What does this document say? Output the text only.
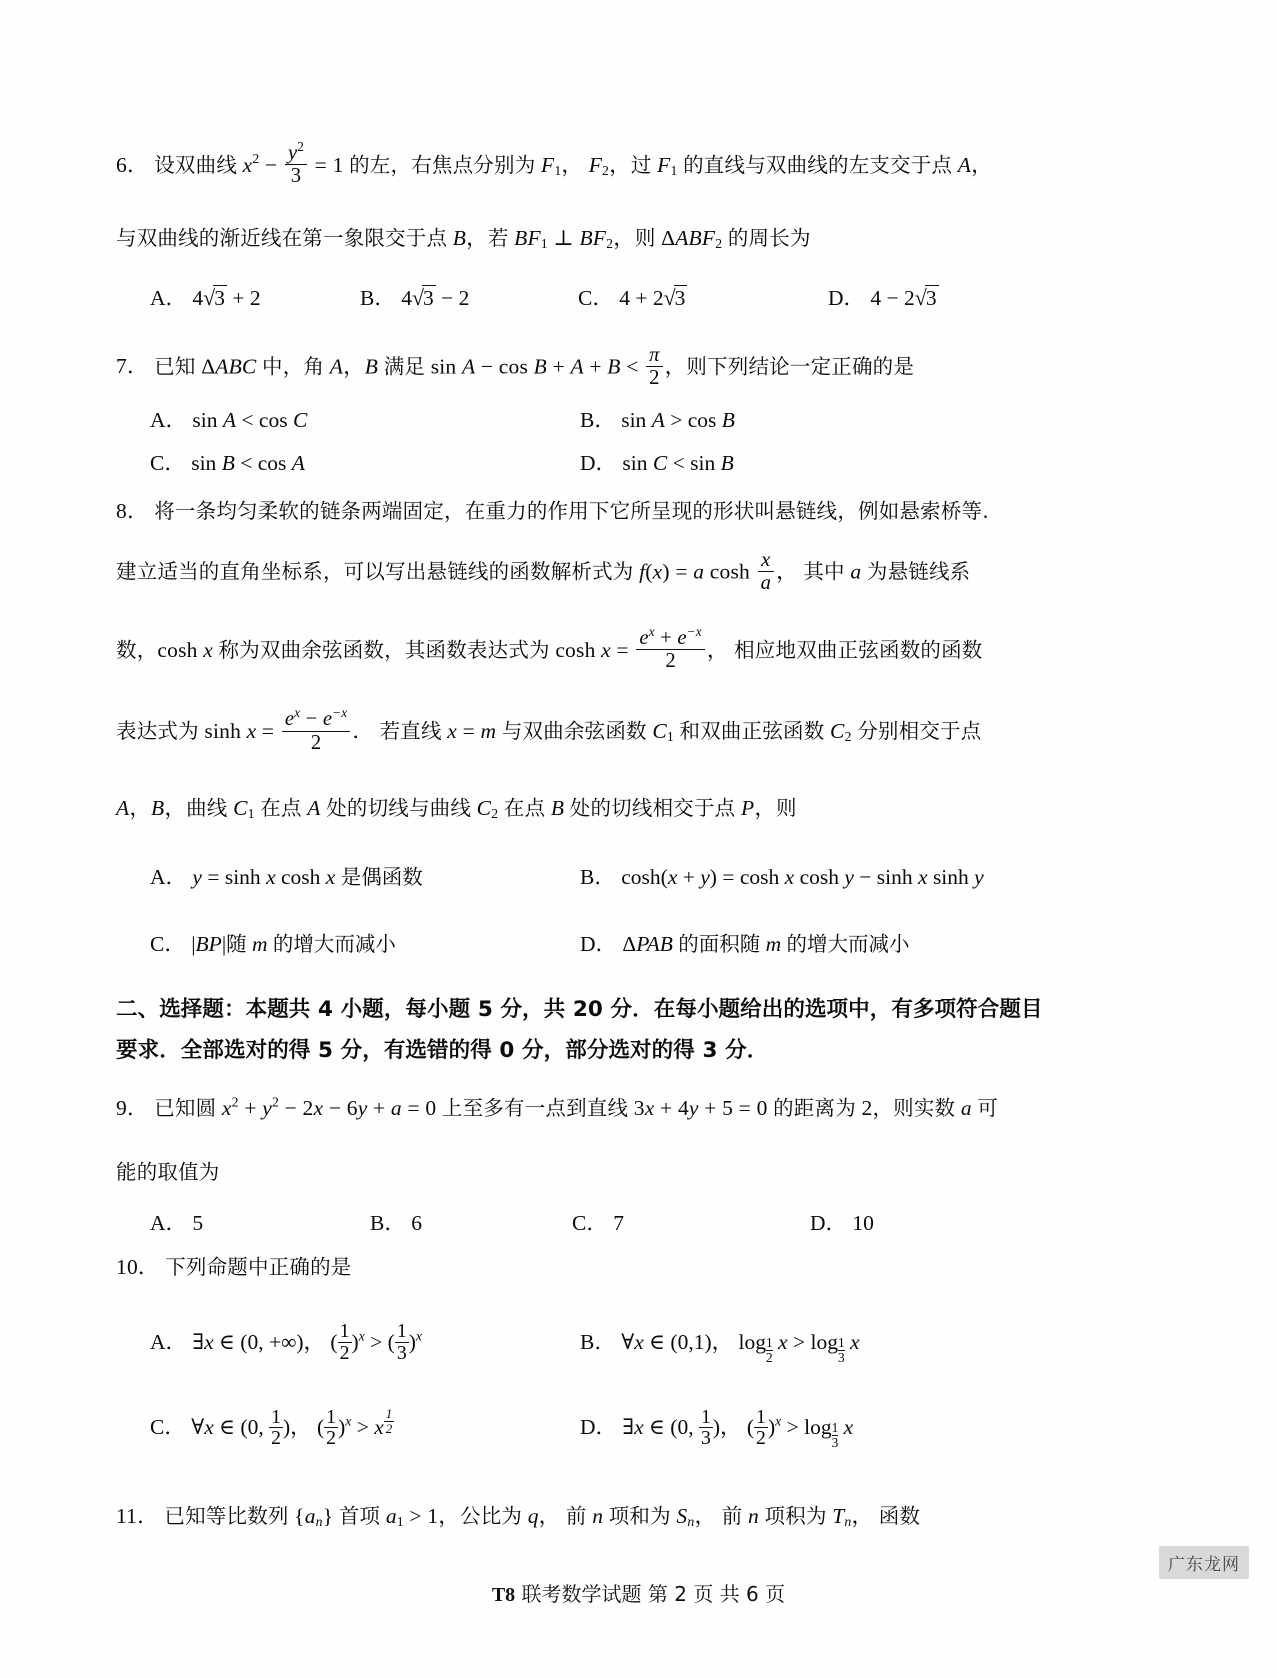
6． 设双曲线 $x^2 - \frac{y^2}{3} = 1$ 的左，右焦点分别为 $F_1$， $F_2$，过 $F_1$ 的直线与双曲线的左支交于点 A，
与双曲线的渐近线在第一象限交于点 B，若 $BF_1$ ⊥ $BF_2$，则 $\Delta ABF_2$ 的周长为
A． 4√3 + 2	B． 4√3 − 2	C． 4 + 2√3	D． 4 − 2√3
7． 已知 ΔABC 中，角 A，B 满足 $\sin A - \cos B + A + B < \frac{\pi}{2}$ ，则下列结论一定正确的是
A． sin A < cos C	B． sin A > cos B
C． sin B < cos A	D． sin C < sin B
8． 将一条均匀柔软的链条两端固定，在重力的作用下它所呈现的形状叫悬链线，例如悬索桥等.
建立适当的直角坐标系，可以写出悬链线的函数解析式为 f(x) = a $\cosh \frac{x}{a}$ ， 其中 a 为悬链线系
数，cosh x 称为双曲余弦函数，其函数表达式为 $\cosh x = \frac{e^x + e^{-x}}{2}$ ， 相应地双曲正弦函数的函数
表达式为 $\sinh x = \frac{e^x - e^{-x}}{2}$ ． 若直线 x = m 与双曲余弦函数 $C_1$ 和双曲正弦函数 $C_2$ 分别相交于点
A，B，曲线 $C_1$ 在点 A 处的切线与曲线 $C_2$ 在点 B 处的切线相交于点 P，则
A． y = sinh x cosh x 是偶函数	B． cosh(x + y) = cosh x cosh y − sinh x sinh y
C． |BP|随 m 的增大而减小	D． ΔPAB 的面积随 m 的增大而减小
二、选择题：本题共 4 小题，每小题 5 分，共 20 分．在每小题给出的选项中，有多项符合题目
要求．全部选对的得 5 分，有选错的得 0 分，部分选对的得 3 分．
9． 已知圆 $x^2 + y^2 - 2x - 6y + a = 0$ 上至多有一点到直线 3x + 4y + 5 = 0 的距离为 2，则实数 a 可
能的取值为
A． 5	B． 6	C． 7	D． 10
10． 下列命题中正确的是
A． ∃x ∈ (0, +∞)， ( $\frac{1}{2} )^x$ > ( $\frac{1}{3} )^x$	B． ∀x ∈ (0,1)， $\log \frac{1}{2}$ $x > \log \frac{1}{3}$ x
C． ∀x ∈ (0, $\frac{1}{2}$ )， ( $\frac{1}{2} )^x > x$ $^{\frac{1}{2}}$	D． ∃x ∈ (0, $\frac{1}{3}$ )， ( $\frac{1}{2} )^x > \log \frac{1}{3}$ x
11． 已知等比数列 $\{a_n\}$ 首项 $a_1 > 1$，公比为 q， 前 n 项和为 $S_n$， 前 n 项积为 $T_n$， 函数
T8 联考数学试题 第 2 页 共 6 页
广东龙网
